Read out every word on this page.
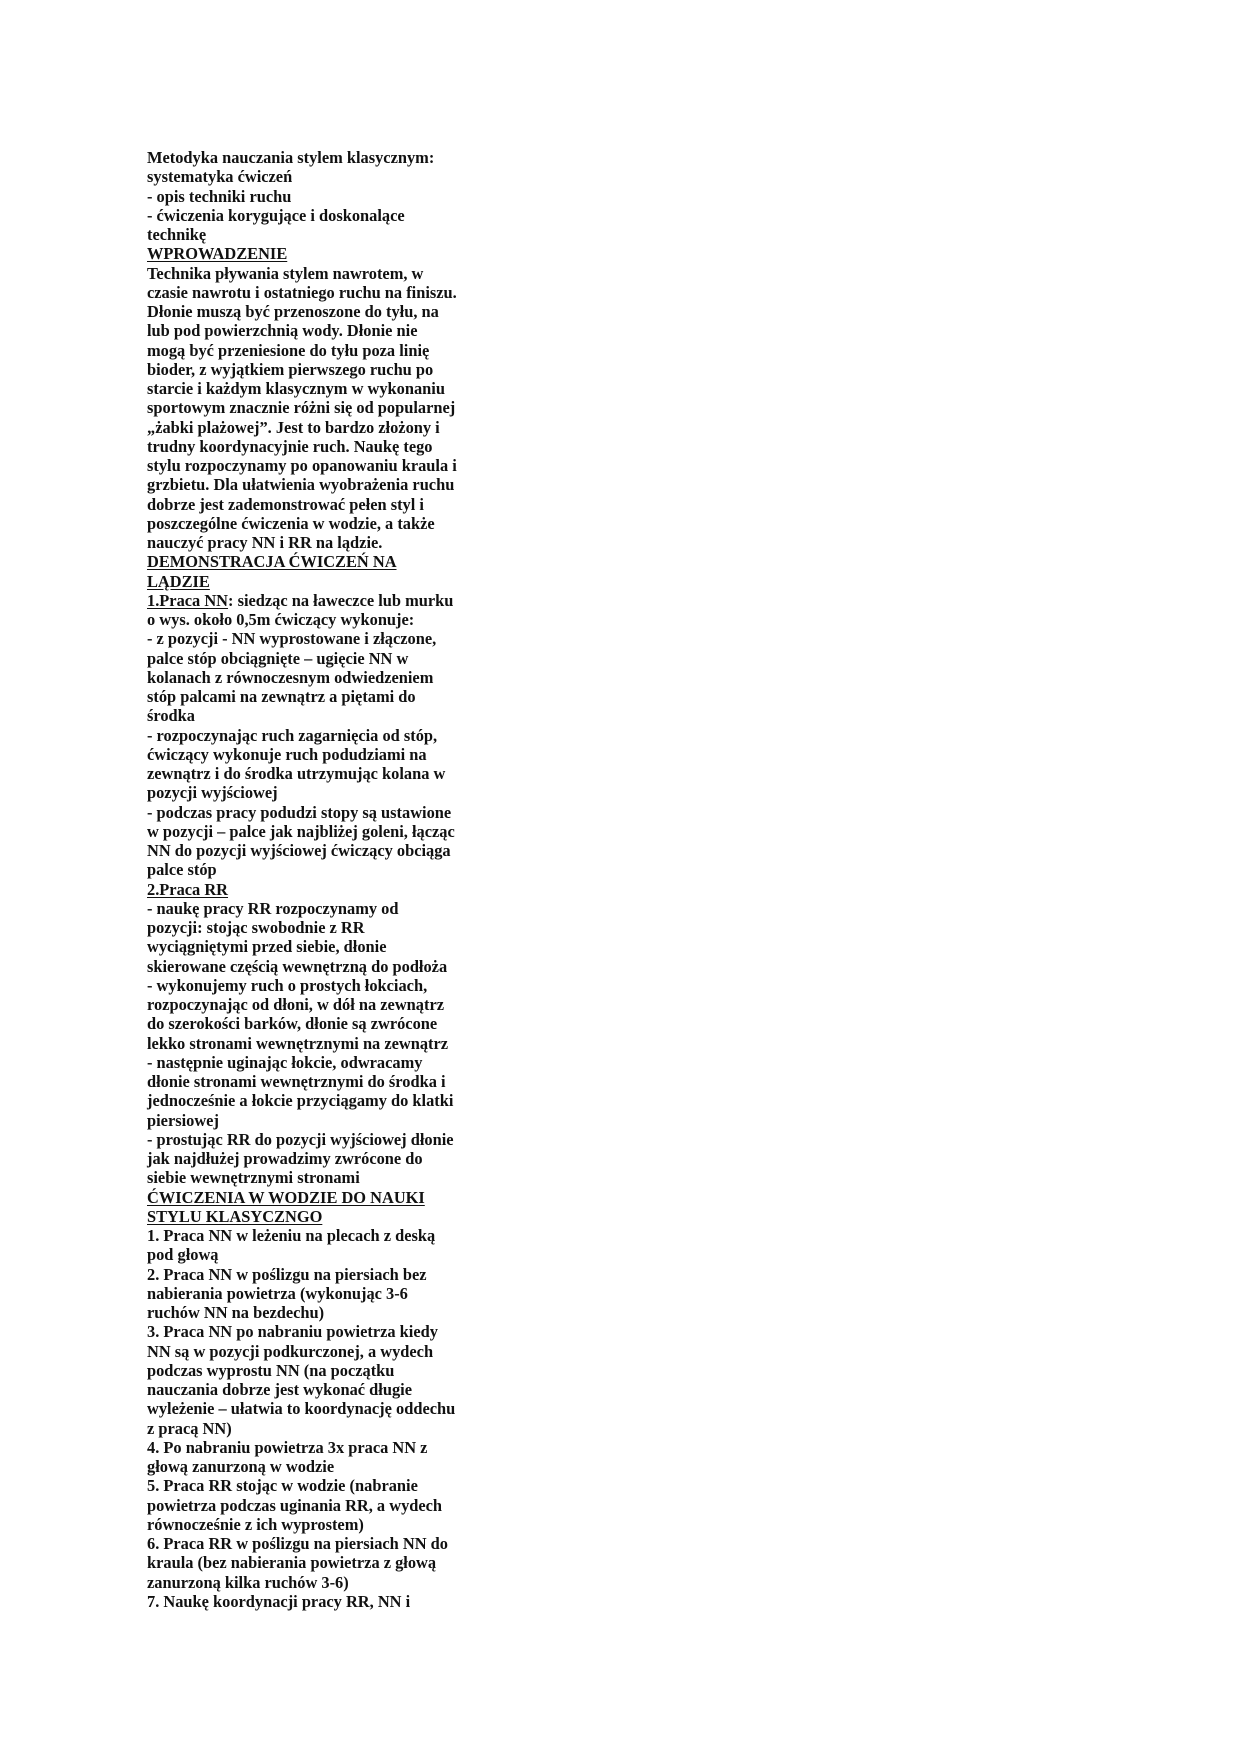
Metodyka nauczania stylem klasycznym:

systematyka ćwiczeń

- opis techniki ruchu

- ćwiczenia korygujące i doskonalące technikę

WPROWADZENIE

Technika pływania stylem nawrotem, w czasie nawrotu i ostatniego ruchu na finiszu. Dłonie muszą być przenoszone do tyłu, na lub pod powierzchnią wody. Dłonie nie mogą być przeniesione do tyłu poza linię bioder, z wyjątkiem pierwszego ruchu po starcie i każdym klasycznym w wykonaniu sportowym znacznie różni się od popularnej „żabki plażowej”. Jest to bardzo złożony i trudny koordynacyjnie ruch. Naukę tego stylu rozpoczynamy po opanowaniu kraula i grzbietu. Dla ułatwienia wyobrażenia ruchu dobrze jest zademonstrować pełen styl i poszczególne ćwiczenia w wodzie, a także nauczyć pracy NN i RR na lądzie.

DEMONSTRACJA ĆWICZEŃ NA LĄDZIE

1.Praca NN: siedząc na ławeczce lub murku o wys. około 0,5m ćwiczący wykonuje:

- z pozycji - NN wyprostowane i złączone, palce stóp obciągnięte – ugięcie NN w kolanach z równoczesnym odwiedzeniem stóp palcami na zewnątrz a piętami do środka

- rozpoczynając ruch zagarnięcia od stóp, ćwiczący wykonuje ruch podudziami na zewnątrz i do środka utrzymując kolana w pozycji wyjściowej

- podczas pracy podudzi stopy są ustawione w pozycji – palce jak najbliżej goleni, łącząc NN do pozycji wyjściowej ćwiczący obciąga palce stóp

2.Praca RR

- naukę pracy RR rozpoczynamy od pozycji: stojąc swobodnie z RR wyciągniętymi przed siebie, dłonie skierowane częścią wewnętrzną do podłoża

- wykonujemy ruch o prostych łokciach, rozpoczynając od dłoni, w dół na zewnątrz do szerokości barków, dłonie są zwrócone lekko stronami wewnętrznymi na zewnątrz

- następnie uginając łokcie, odwracamy dłonie stronami wewnętrznymi do środka i jednocześnie a łokcie przyciągamy do klatki piersiowej

- prostując RR do pozycji wyjściowej dłonie jak najdłużej prowadzimy zwrócone do siebie wewnętrznymi stronami

ĆWICZENIA W WODZIE DO NAUKI STYLU KLASYCZNGO

1. Praca NN w leżeniu na plecach z deską pod głową

2. Praca NN w poślizgu na piersiach bez nabierania powietrza (wykonując 3-6 ruchów NN na bezdechu)

3. Praca NN po nabraniu powietrza kiedy NN są w pozycji podkurczonej, a wydech podczas wyprostu NN (na początku nauczania dobrze jest wykonać długie wyleżenie – ułatwia to koordynację oddechu z pracą NN)

4. Po nabraniu powietrza 3x praca NN z głową zanurzoną w wodzie

5. Praca RR stojąc w wodzie (nabranie powietrza podczas uginania RR, a wydech równocześnie z ich wyprostem)

6. Praca RR w poślizgu na piersiach NN do kraula (bez nabierania powietrza z głową zanurzoną kilka ruchów 3-6)

7. Naukę koordynacji pracy RR, NN i
